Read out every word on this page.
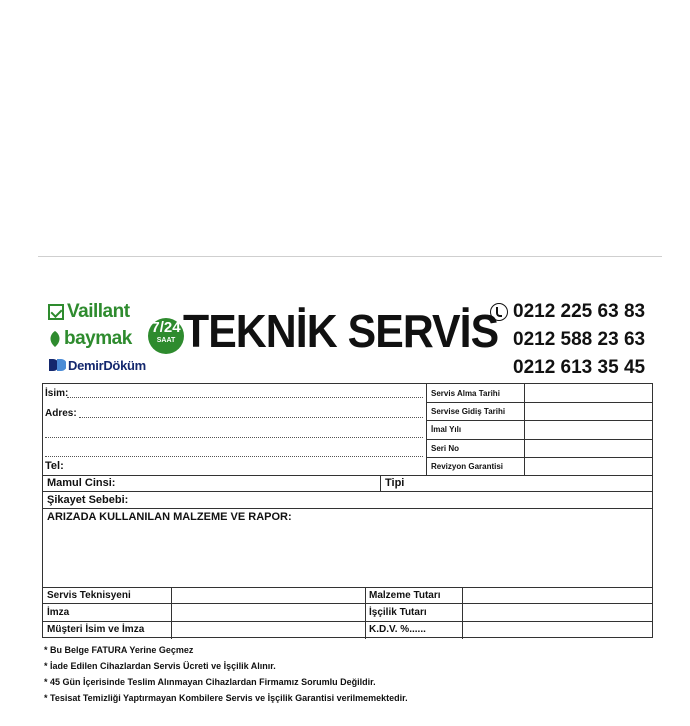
Vaillant
baymak
DemirDöküm
7/24
SAAT TEKNİK SERVİS 0212 225 63 83
0212 588 23 63
0212 613 35 45
İsim:
Adres:
Tel:
Servis Alma Tarihi
Servise Gidiş Tarihi
İmal Yılı
Seri No
Revizyon Garantisi
Mamul Cinsi:	Tipi
Şikayet Sebebi:
ARIZADA KULLANILAN MALZEME VE RAPOR:
Servis Teknisyeni
İmza
Müşteri İsim ve İmza
Malzeme Tutarı
İşçilik Tutarı
K.D.V. %......
* Bu Belge FATURA Yerine Geçmez
* İade Edilen Cihazlardan Servis Ücreti ve İşçilik Alınır.
* 45 Gün İçerisinde Teslim Alınmayan Cihazlardan Firmamız Sorumlu Değildir.
* Tesisat Temizliği Yaptırmayan Kombilere Servis ve İşçilik Garantisi verilmemektedir.
